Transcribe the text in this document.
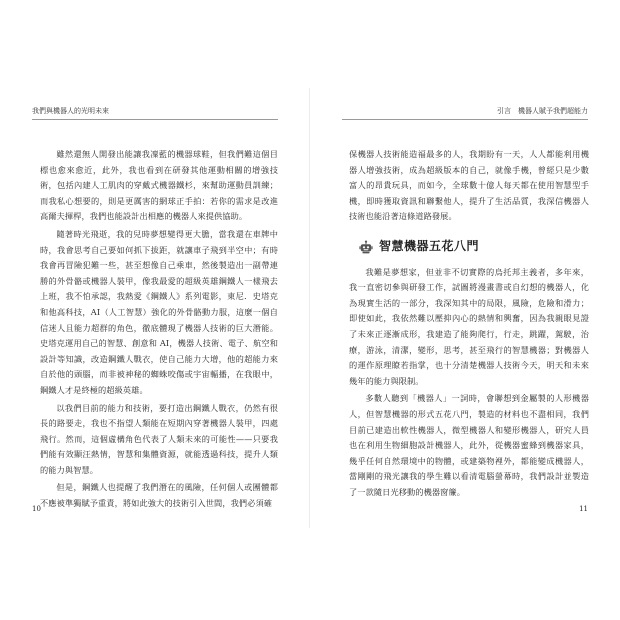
我們與機器人的光明未來

雖然還無人開發出能讓我凜藍的機器球鞋，但我們難這個目標也愈來愈近，此外，我也看到在研發其他運動相關的增強技術，包括內建人工肌肉的穿戴式機器鐵杉，來幫助運動員訓練；而我私心想要的，則是更厲害的網球正手拍：若你的需求是改進高爾夫揮桿，我們也能設計出相應的機器人來提供協助。

隨著時光飛逝，我的兒時夢想變得更大膽，當我還在車牌中時，我會思考自己要如何抓下拔距，就讓車子飛到半空中；有時我會再冒險犯難一些，甚至想像自己乘車，然後製造出一副帶連勝的外骨骼或機器人裝甲，像我最愛的超級英雄鋼鐵人一樣飛去上班，我不怕承認，我熱愛《鋼鐵人》系列電影，東尼．史塔克和他高科技，AI（人工智慧）強化的外骨骼動力服，這麼一個自信迷人且能力超群的角色，徹底體現了機器人技術的巨大潛能。史塔克運用自己的智慧、創意和 AI，機器人技術、電子、航空和設計等知識，改造鋼鐵人戰衣，使自己能力大增，他的超能力來自於他的頭腦，而非被神秘的蜘蛛咬傷或宇宙輻播，在我眼中，鋼鐵人才是終極的超級英雄。

以我們目前的能力和技術，要打造出鋼鐵人戰衣，仍然有很長的路要走，我也不指望人類能在短期內穿著機器人裝甲，四處飛行。然而，這個虛構角色代表了人類未來的可能性——只要我們能有效顯汪熱情，智慧和集體資源，就能透過科技，提升人類的能力與智慧。

但是，鋼鐵人也提醒了我們潛在的風險，任何個人或團體都不應被準獨賦予重責，將如此強大的技術引入世間，我們必須確

10
引言　機器人賦予我們超能力

保機器人技術能造福最多的人，我期盼有一天，人人都能利用機器人增強技術，成為超級版本的自己，就像手機，曾經只是少數富人的昂貴玩具，而如今，全球數十億人每天都在使用智慧型手機，即時獲取資訊和聯繫他人，提升了生活品質，我深信機器人技術也能沿著這條道路發展。

智慧機器五花八門

我難是夢想家，但並非不切實際的烏托邦主義者，多年來，我一直密切參與研發工作，試圖將漫畫書或自幻想的機器人，化為現實生活的一部分，我深知其中的局限，風險，危險和滑力；即使如此，我依然難以壓抑內心的熱情和興奮，因為我親眼見證了未來正逐漸成形，我建造了能夠爬行，行走，跳躍，駕駛，治療，游泳，清潔，變形，思考，甚至飛行的智慧機器；對機器人的運作原理瞭若指掌，也十分清楚機器人技術今天，明天和未來幾年的能力與限制。

多數人聽到「機器人」一詞時，會聯想到金屬製的人形機器人，但智慧機器的形式五花八門，製造的材料也不盡相同，我們目前已建造出軟性機器人，微型機器人和變形機器人，研究人員也在利用生物細胞設計機器人，此外，從機器蜜蜂到機器家具，幾乎任何自然環境中的物體，或建築物裡外，都能變成機器人，當剛剛的飛光讓我的學生難以看清電腦螢幕時，我們設計並製造了一款隨日光移動的機器窗簾。

11
